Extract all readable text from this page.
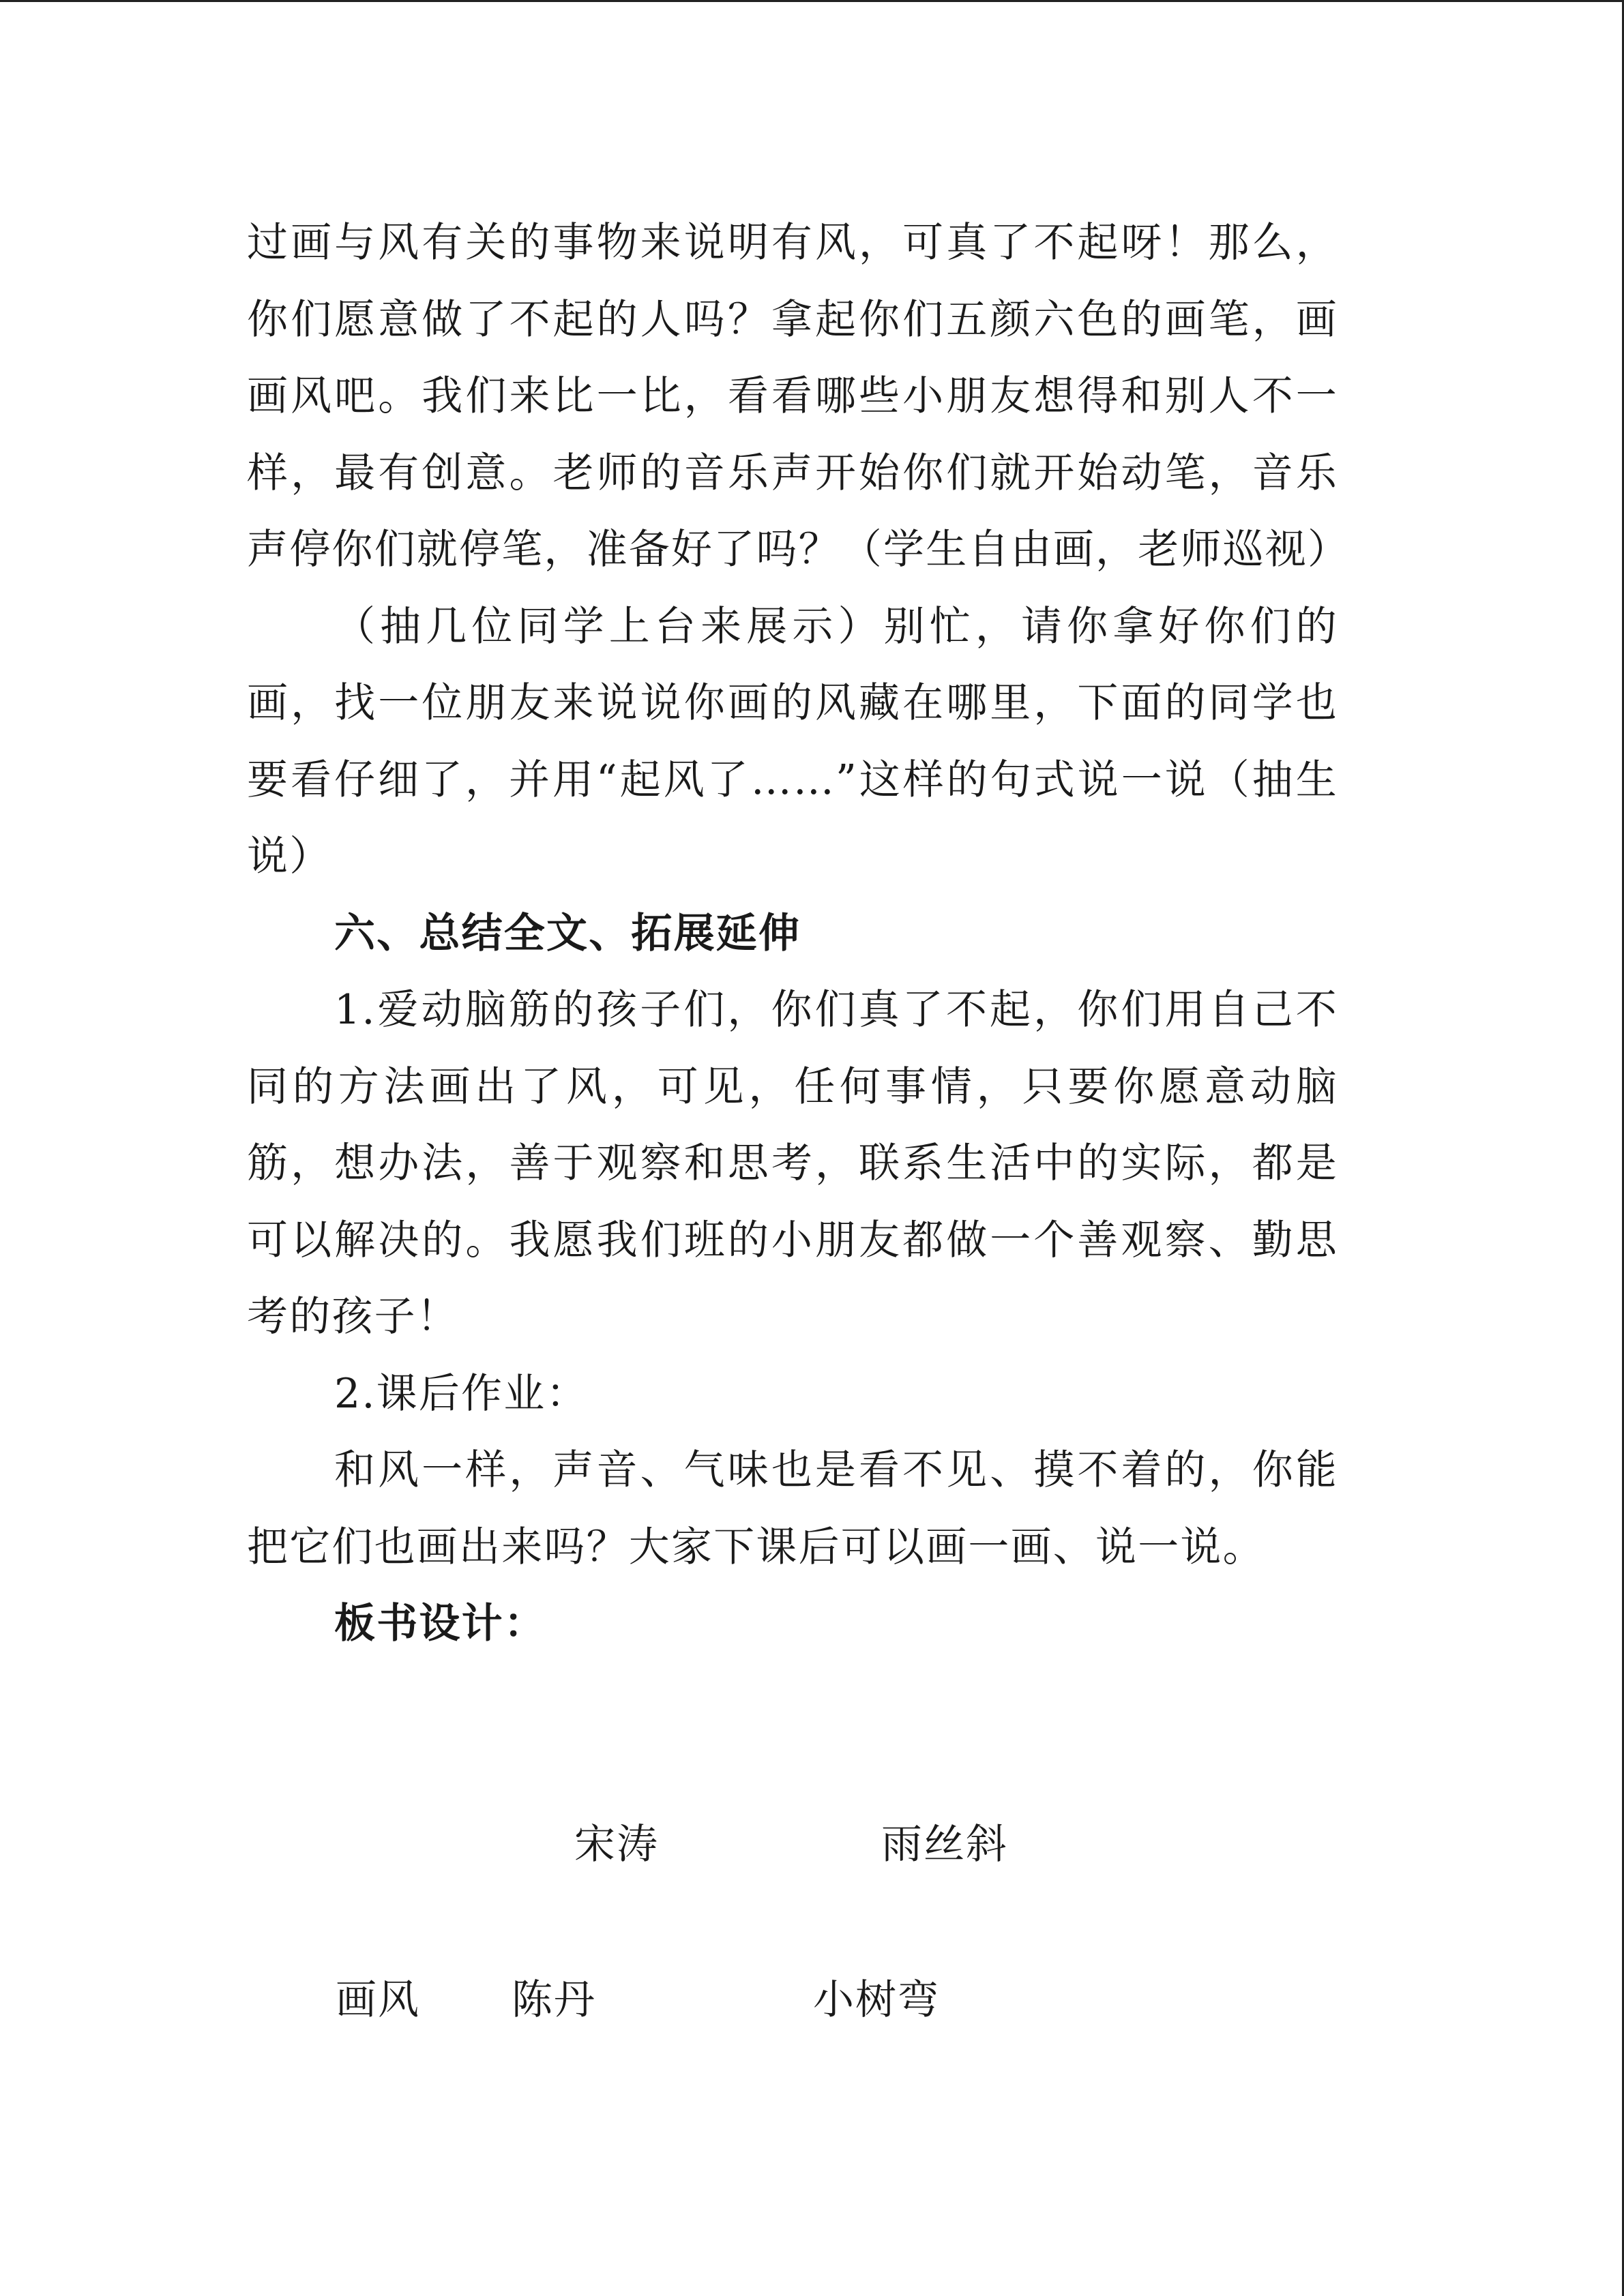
过画与风有关的事物来说明有风，可真了不起呀！那么，你们愿意做了不起的人吗？拿起你们五颜六色的画笔，画画风吧。我们来比一比，看看哪些小朋友想得和别人不一样，最有创意。老师的音乐声开始你们就开始动笔，音乐声停你们就停笔，准备好了吗？（学生自由画，老师巡视）

（抽几位同学上台来展示）别忙，请你拿好你们的画，找一位朋友来说说你画的风藏在哪里，下面的同学也要看仔细了，并用“起风了……”这样的句式说一说（抽生说）

六、总结全文、拓展延伸

1.爱动脑筋的孩子们，你们真了不起，你们用自己不同的方法画出了风，可见，任何事情，只要你愿意动脑筋，想办法，善于观察和思考，联系生活中的实际，都是可以解决的。我愿我们班的小朋友都做一个善观察、勤思考的孩子！

2.课后作业：

和风一样，声音、气味也是看不见、摸不着的，你能把它们也画出来吗？大家下课后可以画一画、说一说。

板书设计：

宋涛	雨丝斜
画风 陈丹	小树弯
